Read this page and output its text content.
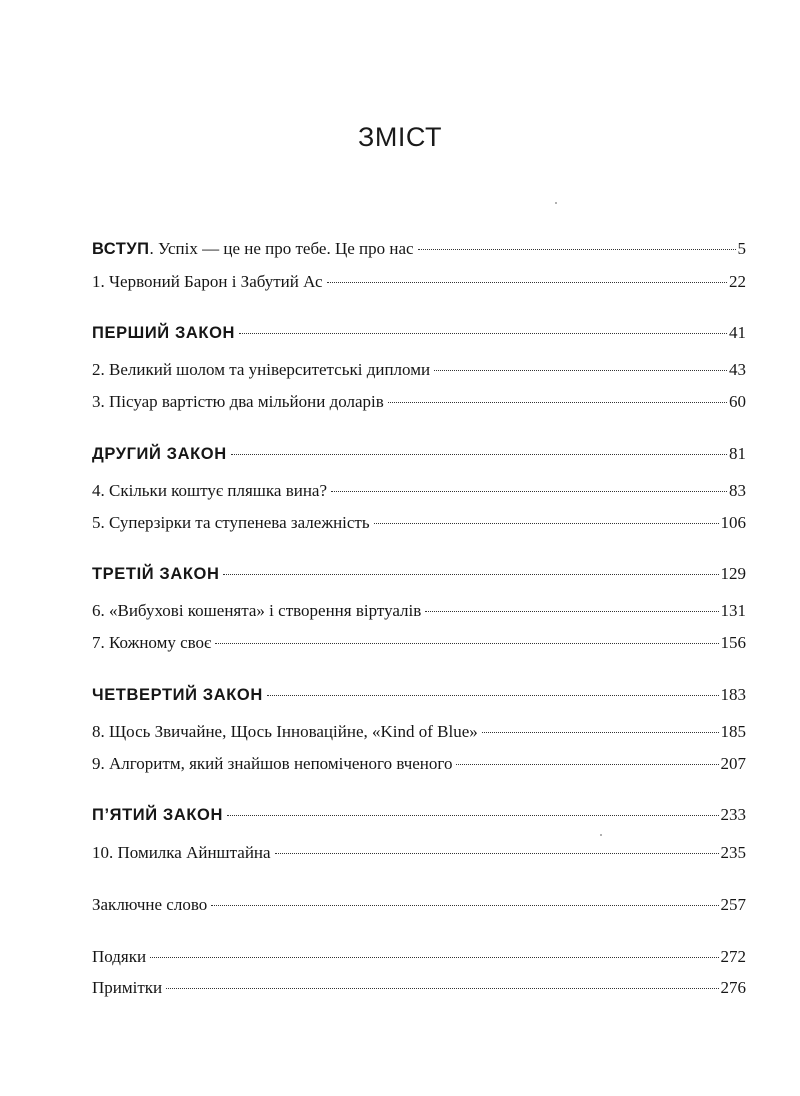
ЗМІСТ
ВСТУП. Успіх — це не про тебе. Це про нас	5
1. Червоний Барон і Забутий Ас	22
ПЕРШИЙ ЗАКОН	41
2. Великий шолом та університетські дипломи	43
3. Пісуар вартістю два мільйони доларів	60
ДРУГИЙ ЗАКОН	81
4. Скільки коштує пляшка вина?	83
5. Суперзірки та ступенева залежність	106
ТРЕТІЙ ЗАКОН	129
6. «Вибухові кошенята» і створення віртуалів	131
7. Кожному своє	156
ЧЕТВЕРТИЙ ЗАКОН	183
8. Щось Звичайне, Щось Інноваційне, «Kind of Blue»	185
9. Алгоритм, який знайшов непоміченого вченого	207
П’ЯТИЙ ЗАКОН	233
10. Помилка Айнштайна	235
Заключне слово	257
Подяки	272
Примітки	276
